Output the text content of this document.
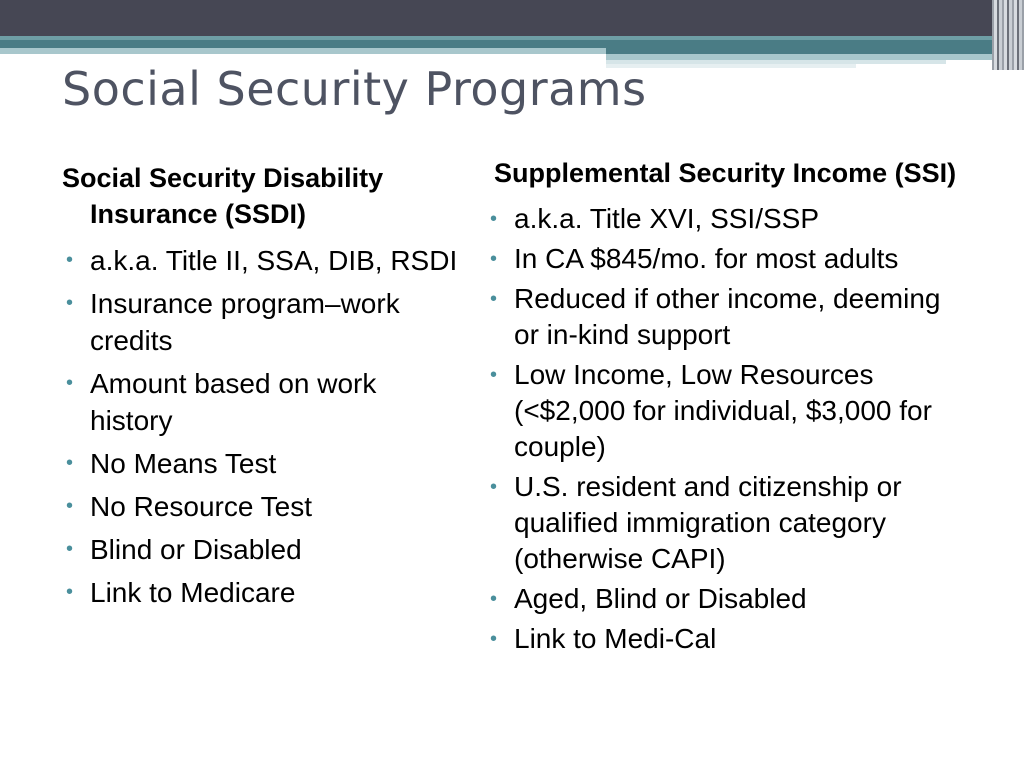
Social Security Programs

Social Security Disability Insurance (SSDI)

• a.k.a. Title II, SSA, DIB, RSDI
• Insurance program–work credits
• Amount based on work history
• No Means Test
• No Resource Test
• Blind or Disabled
• Link to Medicare

Supplemental Security Income (SSI)

• a.k.a. Title XVI, SSI/SSP
• In CA $845/mo. for most adults
• Reduced if other income, deeming or in-kind support
• Low Income, Low Resources (<$2,000 for individual, $3,000 for couple)
• U.S. resident and citizenship or qualified immigration category (otherwise CAPI)
• Aged, Blind or Disabled
• Link to Medi-Cal
